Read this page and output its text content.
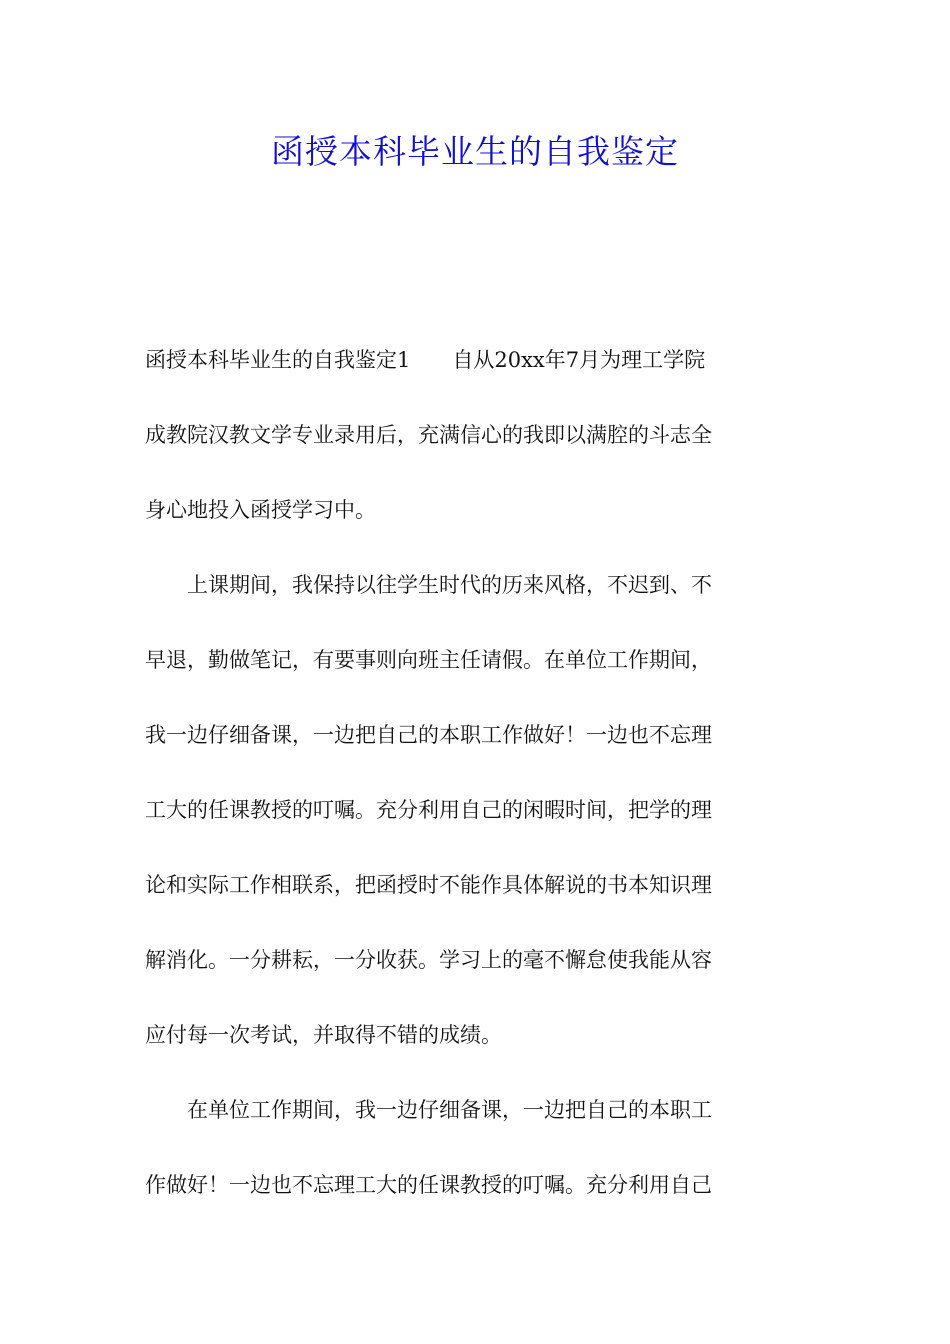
函授本科毕业生的自我鉴定
函授本科毕业生的自我鉴定1　　自从20xx年7月为理工学院
成教院汉教文学专业录用后，充满信心的我即以满腔的斗志全
身心地投入函授学习中。
　　上课期间，我保持以往学生时代的历来风格，不迟到、不
早退，勤做笔记，有要事则向班主任请假。在单位工作期间，
我一边仔细备课，一边把自己的本职工作做好！一边也不忘理
工大的任课教授的叮嘱。充分利用自己的闲暇时间，把学的理
论和实际工作相联系，把函授时不能作具体解说的书本知识理
解消化。一分耕耘，一分收获。学习上的毫不懈怠使我能从容
应付每一次考试，并取得不错的成绩。
　　在单位工作期间，我一边仔细备课，一边把自己的本职工
作做好！一边也不忘理工大的任课教授的叮嘱。充分利用自己
